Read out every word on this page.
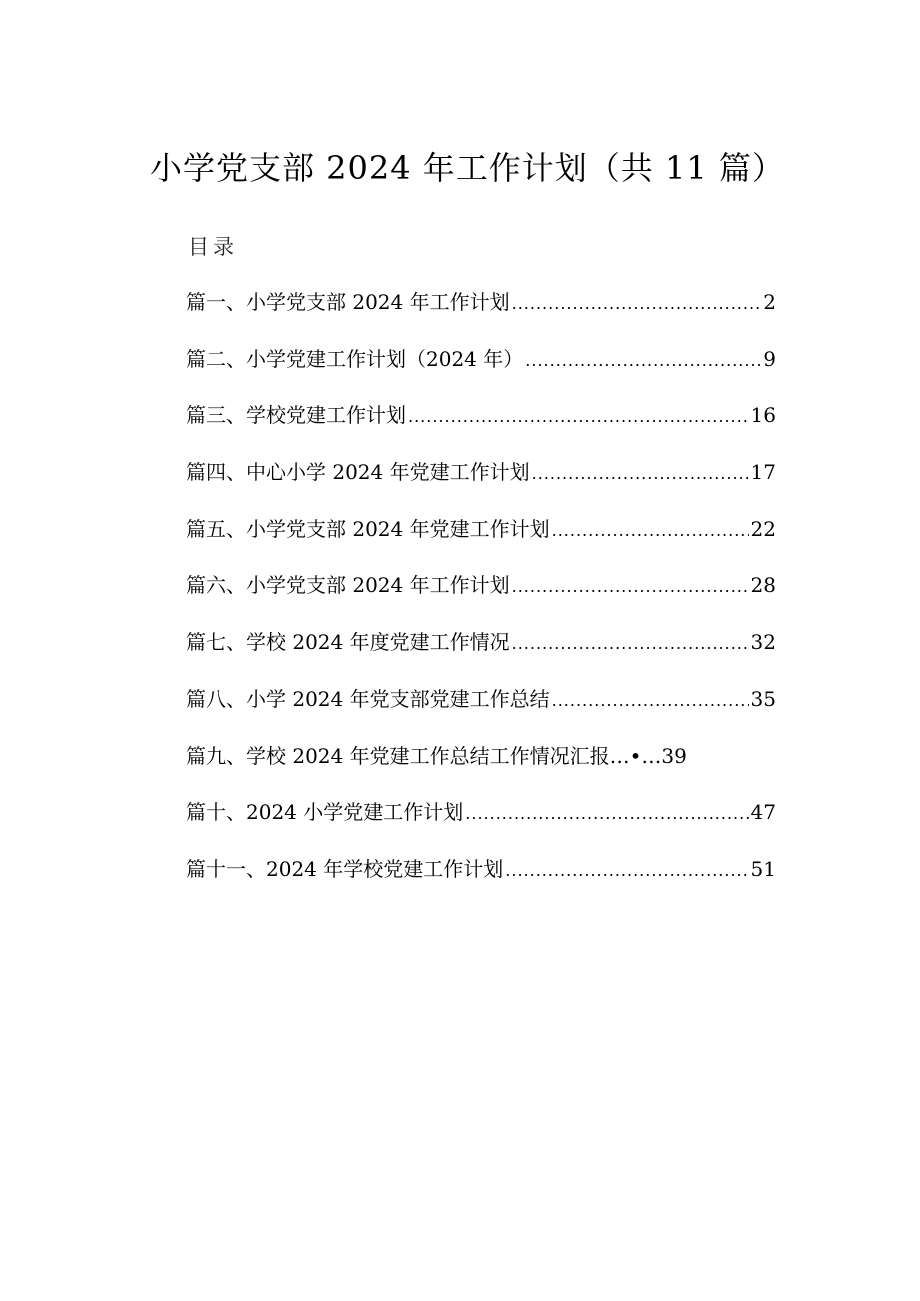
小学党支部 2024 年工作计划（共 11 篇）
目录
篇一、小学党支部 2024 年工作计划 .....	2
篇二、小学党建工作计划（2024 年） .....	9
篇三、学校党建工作计划 .....	16
篇四、中心小学 2024 年党建工作计划 .....	17
篇五、小学党支部 2024 年党建工作计划 .....	22
篇六、小学党支部 2024 年工作计划 .....	28
篇七、学校 2024 年度党建工作情况 .....	32
篇八、小学 2024 年党支部党建工作总结 .....	35
篇九、学校 2024 年党建工作总结工作情况汇报…•…39
篇十、2024 小学党建工作计划 .....	47
篇十一、2024 年学校党建工作计划 .....	51
